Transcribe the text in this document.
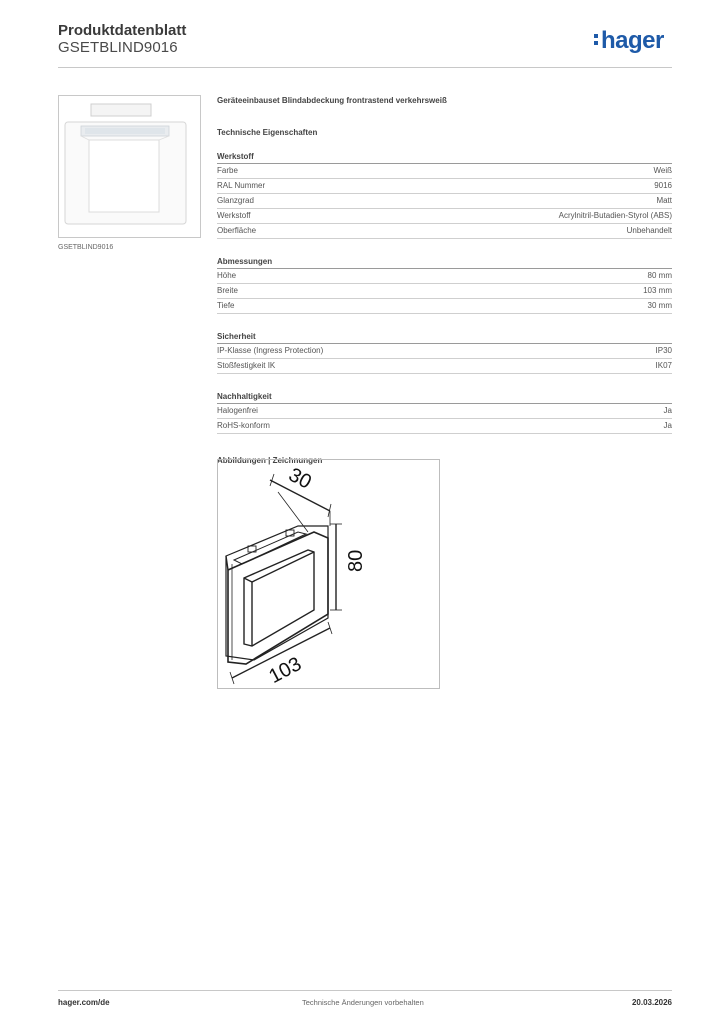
Produktdatenblatt
GSETBLIND9016	hager
GSETBLIND9016
Geräteeinbauset Blindabdeckung frontrastend verkehrsweiß
Technische Eigenschaften
Werkstoff
Farbe	Weiß
RAL Nummer	9016
Glanzgrad	Matt
Werkstoff	Acrylnitril-Butadien-Styrol (ABS)
Oberfläche	Unbehandelt
Abmessungen
Höhe	80 mm
Breite	103 mm
Tiefe	30 mm
Sicherheit
IP-Klasse (Ingress Protection)	IP30
Stoßfestigkeit IK	IK07
Nachhaltigkeit
Halogenfrei	Ja
RoHS-konform	Ja
Abbildungen | Zeichnungen
30
80
103
hager.com/de	Technische Änderungen vorbehalten	20.03.2026
